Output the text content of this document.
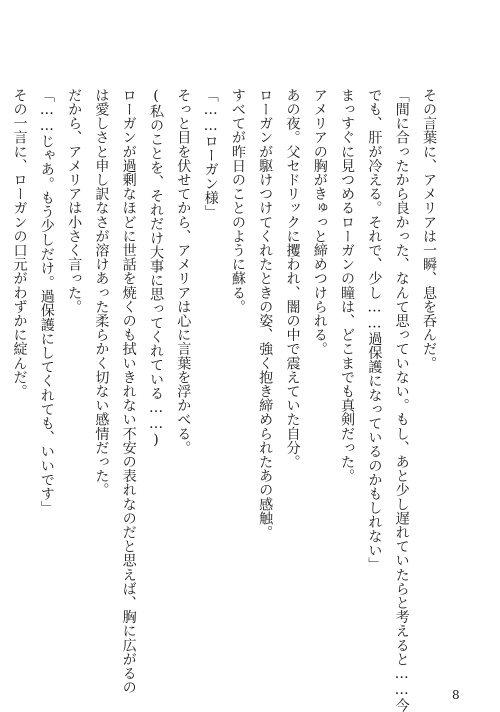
その言葉に、アメリアは一瞬、息を呑んだ。
「間に合ったから良かった、なんて思っていない。もし、あと少し遅れていたらと考えると……今
でも、肝が冷える。それで、少し……過保護になっているのかもしれない」
まっすぐに見つめるローガンの瞳は、どこまでも真剣だった。
アメリアの胸がきゅっと締めつけられる。
あの夜。父セドリックに攫われ、闇の中で震えていた自分。
ローガンが駆けつけてくれたときの姿、強く抱き締められたあの感触。
すべてが昨日のことのように蘇る。
「……ローガン様」
そっと目を伏せてから、アメリアは心に言葉を浮かべる。
(私のことを、それだけ大事に思ってくれている……)
ローガンが過剰なほどに世話を焼くのも拭いきれない不安の表れなのだと思えば、胸に広がるの
は愛しさと申し訳なさが溶けあった柔らかく切ない感情だった。
だから、アメリアは小さく言った。
「……じゃあ。もう少しだけ。過保護にしてくれても、いいです」
その一言に、ローガンの口元がわずかに綻んだ。
8
